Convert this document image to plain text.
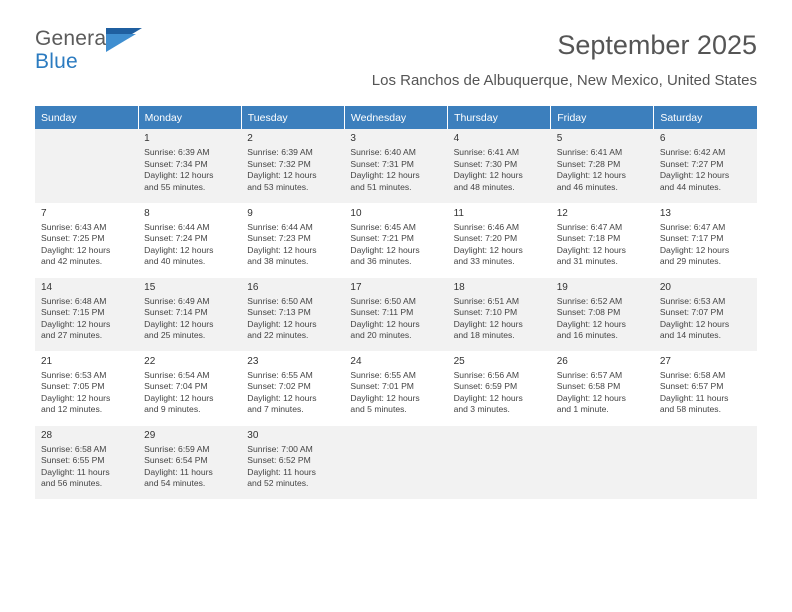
General
Blue
September 2025
Los Ranchos de Albuquerque, New Mexico, United States
Sunday	Monday	Tuesday	Wednesday	Thursday	Friday	Saturday

	1
Sunrise: 6:39 AM
Sunset: 7:34 PM
Daylight: 12 hours
and 55 minutes.	2
Sunrise: 6:39 AM
Sunset: 7:32 PM
Daylight: 12 hours
and 53 minutes.	3
Sunrise: 6:40 AM
Sunset: 7:31 PM
Daylight: 12 hours
and 51 minutes.	4
Sunrise: 6:41 AM
Sunset: 7:30 PM
Daylight: 12 hours
and 48 minutes.	5
Sunrise: 6:41 AM
Sunset: 7:28 PM
Daylight: 12 hours
and 46 minutes.	6
Sunrise: 6:42 AM
Sunset: 7:27 PM
Daylight: 12 hours
and 44 minutes.

7
Sunrise: 6:43 AM
Sunset: 7:25 PM
Daylight: 12 hours
and 42 minutes.	8
Sunrise: 6:44 AM
Sunset: 7:24 PM
Daylight: 12 hours
and 40 minutes.	9
Sunrise: 6:44 AM
Sunset: 7:23 PM
Daylight: 12 hours
and 38 minutes.	10
Sunrise: 6:45 AM
Sunset: 7:21 PM
Daylight: 12 hours
and 36 minutes.	11
Sunrise: 6:46 AM
Sunset: 7:20 PM
Daylight: 12 hours
and 33 minutes.	12
Sunrise: 6:47 AM
Sunset: 7:18 PM
Daylight: 12 hours
and 31 minutes.	13
Sunrise: 6:47 AM
Sunset: 7:17 PM
Daylight: 12 hours
and 29 minutes.

14
Sunrise: 6:48 AM
Sunset: 7:15 PM
Daylight: 12 hours
and 27 minutes.	15
Sunrise: 6:49 AM
Sunset: 7:14 PM
Daylight: 12 hours
and 25 minutes.	16
Sunrise: 6:50 AM
Sunset: 7:13 PM
Daylight: 12 hours
and 22 minutes.	17
Sunrise: 6:50 AM
Sunset: 7:11 PM
Daylight: 12 hours
and 20 minutes.	18
Sunrise: 6:51 AM
Sunset: 7:10 PM
Daylight: 12 hours
and 18 minutes.	19
Sunrise: 6:52 AM
Sunset: 7:08 PM
Daylight: 12 hours
and 16 minutes.	20
Sunrise: 6:53 AM
Sunset: 7:07 PM
Daylight: 12 hours
and 14 minutes.

21
Sunrise: 6:53 AM
Sunset: 7:05 PM
Daylight: 12 hours
and 12 minutes.	22
Sunrise: 6:54 AM
Sunset: 7:04 PM
Daylight: 12 hours
and 9 minutes.	23
Sunrise: 6:55 AM
Sunset: 7:02 PM
Daylight: 12 hours
and 7 minutes.	24
Sunrise: 6:55 AM
Sunset: 7:01 PM
Daylight: 12 hours
and 5 minutes.	25
Sunrise: 6:56 AM
Sunset: 6:59 PM
Daylight: 12 hours
and 3 minutes.	26
Sunrise: 6:57 AM
Sunset: 6:58 PM
Daylight: 12 hours
and 1 minute.	27
Sunrise: 6:58 AM
Sunset: 6:57 PM
Daylight: 11 hours
and 58 minutes.

28
Sunrise: 6:58 AM
Sunset: 6:55 PM
Daylight: 11 hours
and 56 minutes.	29
Sunrise: 6:59 AM
Sunset: 6:54 PM
Daylight: 11 hours
and 54 minutes.	30
Sunrise: 7:00 AM
Sunset: 6:52 PM
Daylight: 11 hours
and 52 minutes.				
